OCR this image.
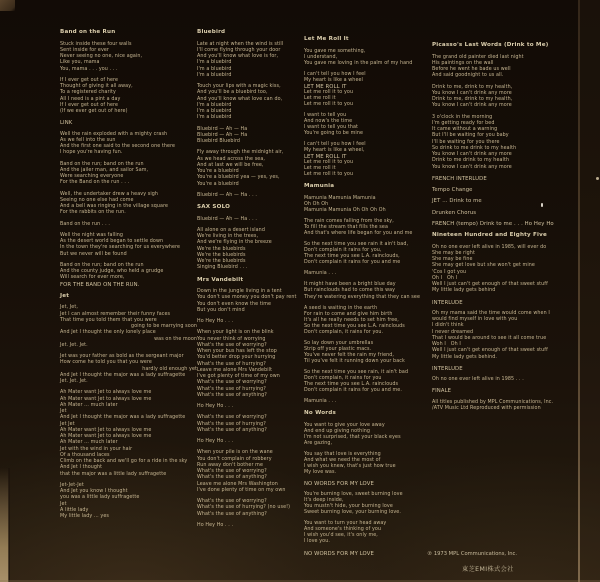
Band on the Run
Stuck inside these four walls
Sent inside for ever
Never seeing no one, nice again,
Like you, mama
You, mama . . . you . . .
If I ever get out of here
Thought of giving it all away,
To a registered charity
All I need is a pint a day
If I ever get out of here
(If we ever get out of here)
LINK
Well the rain exploded with a mighty crash
As we fell into the sun
And the first one said to the second one there
I hope you're having fun.
Band on the run; band on the run
And the jailer man, and sailor Sam,
Were searching everyone
For the Band on the run . . .
Well, the undertaker drew a heavy sigh
Seeing no one else had come
And a bell was ringing in the village square
For the rabbits on the run.
Band on the run . . .
Well the night was falling
As the desert world began to settle down
In the town they're searching for us everywhere
But we never will be found
Band on the run; band on the run
And the county judge, who held a grudge
Will search for ever more,
FOR THE BAND ON THE RUN.
Jet
Jet, Jet,
Jet I can almost remember their funny faces
That time you told them that you were
going to be marrying soon
And Jet I thought the only lonely place
was on the moon
Jet. Jet. Jet.
Jet was your father as bold as the sergeant major
How come he told you that you were
hardly old enough yet
And Jet I thought the major was a lady suffragette
Jet. Jet. Jet.
Ah Mater want Jet to always love me
Ah Mater want Jet to always love me
Ah Mater ... much later
Jet
And Jet I thought the major was a lady suffragette
Jet Jet
Ah Mater want Jet to always love me
Ah Mater want Jet to always love me
Ah Mater ... much later
Jet with the wind in your hair
Of a thousand laces
Climb on the back and we'll go for a ride in the sky
And Jet I thought
that the major was a little lady suffragette
Jet-Jet-Jet
And Jet you know I thought
you was a little lady suffragette
Jet
A little lady
My little lady ... yes
Bluebird
Late at night when the wind is still
I'll come flying through your door
And you'll know what love is for,
I'm a bluebird
I'm a bluebird
I'm a bluebird
Touch your lips with a magic kiss,
And you'll be a bluebird too,
And you'll know what love can do,
I'm a bluebird
I'm a bluebird
I'm a bluebird
Bluebird — Ah — Ha
Bluebird — Ah — Ha
Bluebird Bluebird
Fly away through the midnight air,
As we head across the sea,
And at last we will be free,
You're a bluebird
You're a bluebird yea — yes, yes,
You're a bluebird
Bluebird — Ah — Ha . . .
SAX SOLO
Bluebird — Ah — Ha . . .
All alone on a desert island
We're living in the trees,
And we're flying in the breeze
We're the bluebirds
We're the bluebirds
We're the bluebirds
Singing Bluebird . . .
Mrs Vandebilt
Down in the jungle living in a tent
You don't use money you don't pay rent
You don't even know the time
But you don't mind
Ho Hey Ho . . .
When your light is on the blink
You never think of worrying
What's the use of worrying?
When your bus has left the stop
You'd better drop your hurrying
What's the use of hurrying?
Leave me alone Mrs Vandebilt
I've got plenty of time of my own
What's the use of worrying?
What's the use of hurrying?
What's the use of anything?
Ho Hey Ho . . .
What's the use of worrying?
What's the use of hurrying?
What's the use of anything?
Ho Hey Ho . . .
When your pile is on the wane
You don't complain of robbery
Run away don't bother me
What's the use of worrying?
What's the use of anything?
Leave me alone Mrs Washington
I've done plenty of time on my own
What's the use of worrying?
What's the use of hurrying? (no use!)
What's the use of anything?
Ho Hey Ho . . .
Let Me Roll It
You gave me something,
I understand,
You gave me loving in the palm of my hand
I can't tell you how I feel
My heart is like a wheel
LET ME ROLL IT
Let me roll it to you
Let me roll it
Let me roll it to you
I want to tell you
And now's the time
I want to tell you that
You're going to be mine
I can't tell you how I feel
My heart is like a wheel,
LET ME ROLL IT
Let me roll it to you
Let me roll it
Let me roll it to you
Mamunia
Mamunia Mamunia Mamunia
Oh Oh Oh
Mamunia Mamunia Oh Oh Oh Oh
The rain comes falling from the sky,
To fill the stream that fills the sea
And that's where life began for you and me
So the next time you see rain it ain't bad,
Don't complain it rains for you,
The next time you see L.A. rainclouds,
Don't complain it rains for you and me
Mamunia . . .
It might have been a bright blue day
But rainclouds had to come this way
They're watering everything that they can see
A seed is waiting in the earth
For rain to come and give him birth
It's all he really needs to set him free,
So the next time you see L.A. rainclouds
Don't complain, it rains for you.
So lay down your umbrellas
Strip off your plastic macs.
You've never felt the rain my friend,
Til you've felt it running down your back
So the next time you see rain, it ain't bad
Don't complain, it rains for you
The next time you see L.A. rainclouds
Don't complain it rains for you and me.
Mamunia . . .
No Words
You want to give your love away
And end up giving nothing
I'm not surprised, that your black eyes
Are gazing,
You say that love is everything
And what we need the most of
I wish you knew, that's just how true
My love was.
NO WORDS FOR MY LOVE
You're burning love, sweet burning love
It's deep inside,
You mustn't hide, your burning love
Sweet burning love, your burning love.
You want to turn your head away
And someone's thinking of you
I wish you'd see, it's only me,
I love you.
NO WORDS FOR MY LOVE
Picasso's Last Words (Drink to Me)
The grand old painter died last night
His paintings on the wall
Before he went he bade us well
And said goodnight to us all.
Drink to me, drink to my health,
You know I can't drink any more
Drink to me, drink to my health,
You know I can't drink any more
3 o'clock in the morning
I'm getting ready for bed
It came without a warning
But I'll be waiting for you baby
I'll be waiting for you there
So drink to me drink to my health
You know I can't drink any more
Drink to me drink to my health
You know I can't drink any more
FRENCH INTERLUDE
Tempo Change
JET ... Drink to me
Drunken Chorus
FRENCH (tempo) Drink to me . . . Ho Hey Ho
Nineteen Hundred and Eighty Five
Oh no one ever left alive in 1985, will ever do
She may be right
She may be fine
She may get love but she won't get mine
'Cos I got you
Oh I   Oh I
Well I just can't get enough of that sweet stuff
My little lady gets behind
INTERLUDE
Oh my mama said the time would come when I
would find myself in love with you
I didn't think
I never dreamed
That I would be around to see it all come true
Woh I   Oh I
Well I just can't get enough of that sweet stuff
My little lady gets behind.
INTERLUDE
Oh no one ever left alive in 1985 . . .
FINALE
All titles published by MPL Communications, Inc.
/ATV Music Ltd Reproduced with permission
℗ 1973 MPL Communications, Inc.
東芝EMI株式会社
